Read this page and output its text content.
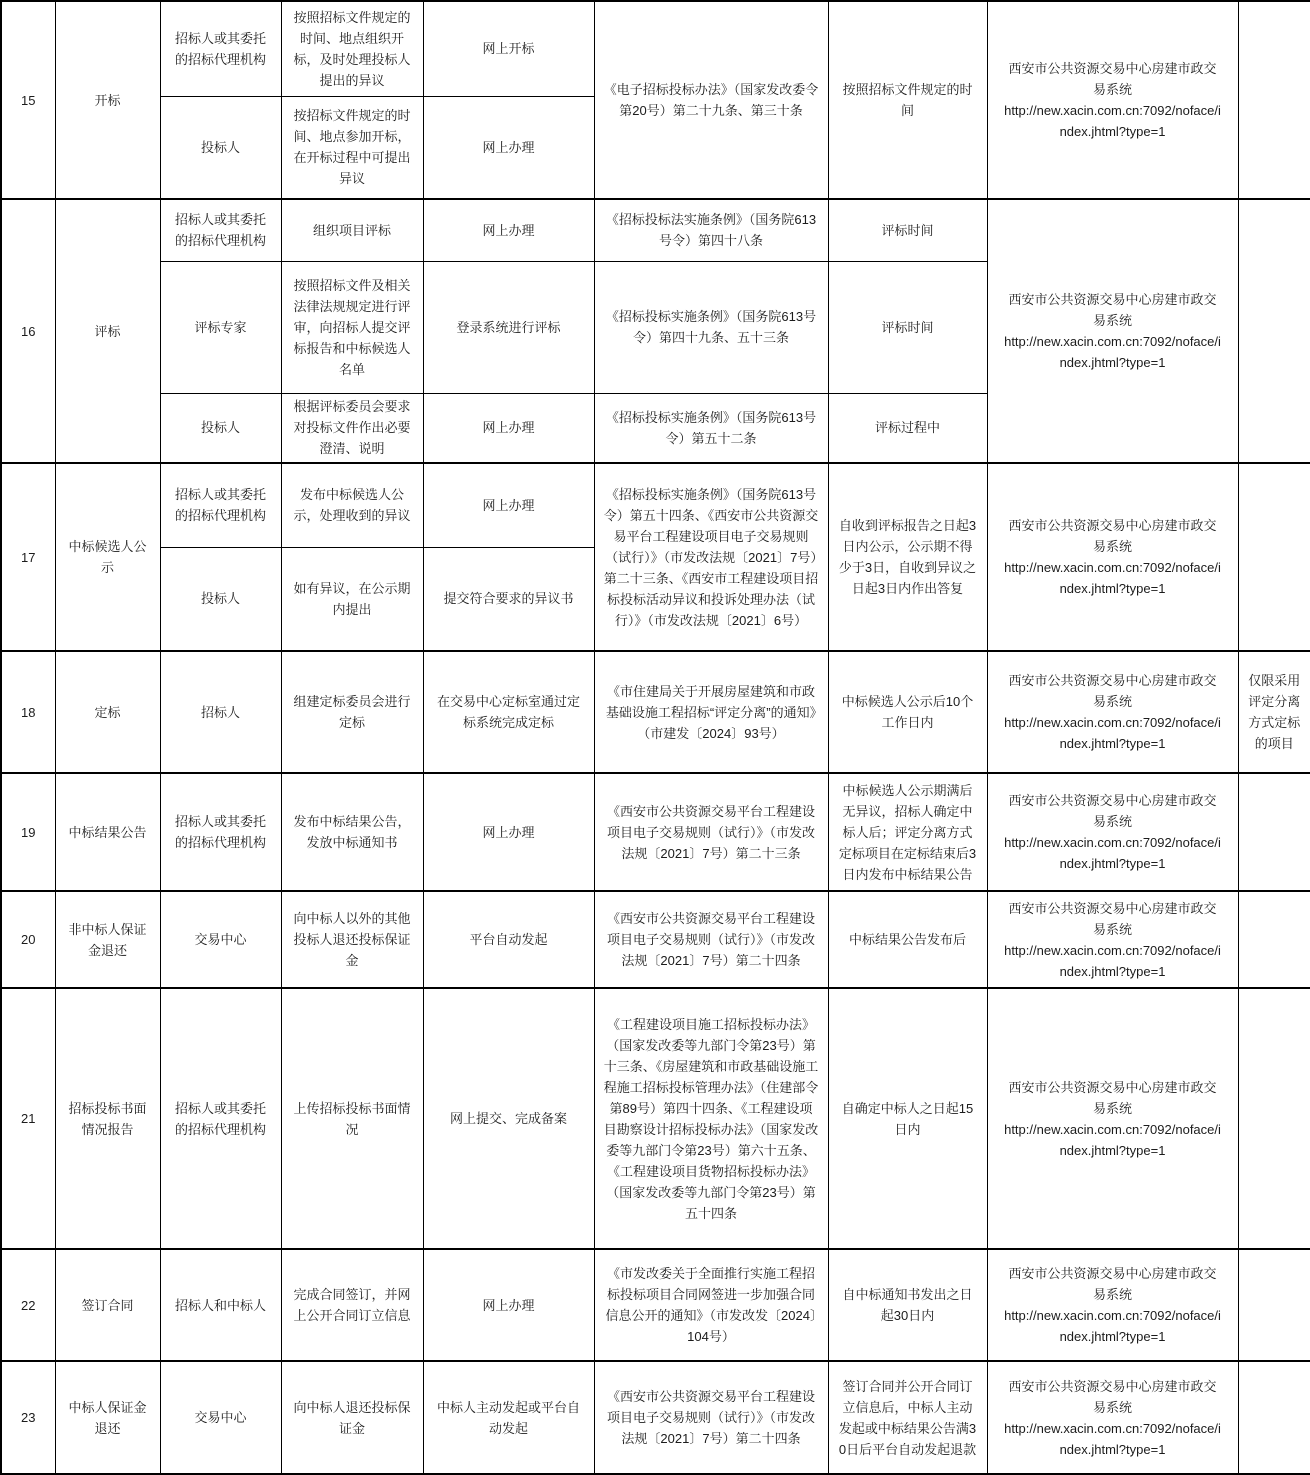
15	开标	招标人或其委托的招标代理机构	按照招标文件规定的时间、地点组织开标，及时处理投标人提出的异议	网上开标	《电子招标投标办法》（国家发改委令第20号）第二十九条、第三十条	按照招标文件规定的时间	西安市公共资源交易中心房建市政交易系统
http://new.xacin.com.cn:7092/noface/index.jhtml?type=1	

		投标人	按招标文件规定的时间、地点参加开标，在开标过程中可提出异议	网上办理				
16	评标	招标人或其委托的招标代理机构	组织项目评标	网上办理	《招标投标法实施条例》（国务院613号令）第四十八条	评标时间	西安市公共资源交易中心房建市政交易系统
http://new.xacin.com.cn:7092/noface/index.jhtml?type=1	

		评标专家	按照招标文件及相关法律法规规定进行评审，向招标人提交评标报告和中标候选人名单	登录系统进行评标	《招标投标实施条例》（国务院613号令）第四十九条、五十三条	评标时间		
		投标人	根据评标委员会要求对投标文件作出必要澄清、说明	网上办理	《招标投标实施条例》（国务院613号令）第五十二条	评标过程中		
17	中标候选人公示	招标人或其委托的招标代理机构	发布中标候选人公示，处理收到的异议	网上办理	《招标投标实施条例》（国务院613号令）第五十四条、《西安市公共资源交易平台工程建设项目电子交易规则（试行）》（市发改法规〔2021〕7号）第二十三条、《西安市工程建设项目招标投标活动异议和投诉处理办法（试行）》（市发改法规〔2021〕6号）	自收到评标报告之日起3日内公示，公示期不得少于3日，自收到异议之日起3日内作出答复	西安市公共资源交易中心房建市政交易系统
http://new.xacin.com.cn:7092/noface/index.jhtml?type=1	

		投标人	如有异议，在公示期内提出	提交符合要求的异议书				
18	定标	招标人	组建定标委员会进行定标	在交易中心定标室通过定标系统完成定标	《市住建局关于开展房屋建筑和市政基础设施工程招标“评定分离”的通知》（市建发〔2024〕93号）	中标候选人公示后10个工作日内	西安市公共资源交易中心房建市政交易系统
http://new.xacin.com.cn:7092/noface/index.jhtml?type=1	仅限采用评定分离方式定标的项目
19	中标结果公告	招标人或其委托的招标代理机构	发布中标结果公告，发放中标通知书	网上办理	《西安市公共资源交易平台工程建设项目电子交易规则（试行）》（市发改法规〔2021〕7号）第二十三条	中标候选人公示期满后无异议，招标人确定中标人后；评定分离方式定标项目在定标结束后3日内发布中标结果公告	西安市公共资源交易中心房建市政交易系统
http://new.xacin.com.cn:7092/noface/index.jhtml?type=1	

20	非中标人保证金退还	交易中心	向中标人以外的其他投标人退还投标保证金	平台自动发起	《西安市公共资源交易平台工程建设项目电子交易规则（试行）》（市发改法规〔2021〕7号）第二十四条	中标结果公告发布后	西安市公共资源交易中心房建市政交易系统
http://new.xacin.com.cn:7092/noface/index.jhtml?type=1	

21	招标投标书面情况报告	招标人或其委托的招标代理机构	上传招标投标书面情况	网上提交、完成备案	《工程建设项目施工招标投标办法》（国家发改委等九部门令第23号）第十三条、《房屋建筑和市政基础设施工程施工招标投标管理办法》（住建部令第89号）第四十四条、《工程建设项目勘察设计招标投标办法》（国家发改委等九部门令第23号）第六十五条、《工程建设项目货物招标投标办法》（国家发改委等九部门令第23号）第五十四条	自确定中标人之日起15日内	西安市公共资源交易中心房建市政交易系统
http://new.xacin.com.cn:7092/noface/index.jhtml?type=1	

22	签订合同	招标人和中标人	完成合同签订，并网上公开合同订立信息	网上办理	《市发改委关于全面推行实施工程招标投标项目合同网签进一步加强合同信息公开的通知》（市发改发〔2024〕104号）	自中标通知书发出之日起30日内	西安市公共资源交易中心房建市政交易系统
http://new.xacin.com.cn:7092/noface/index.jhtml?type=1	

23	中标人保证金退还	交易中心	向中标人退还投标保证金	中标人主动发起或平台自动发起	《西安市公共资源交易平台工程建设项目电子交易规则（试行）》（市发改法规〔2021〕7号）第二十四条	签订合同并公开合同订立信息后，中标人主动发起或中标结果公告满30日后平台自动发起退款	西安市公共资源交易中心房建市政交易系统
http://new.xacin.com.cn:7092/noface/index.jhtml?type=1	
